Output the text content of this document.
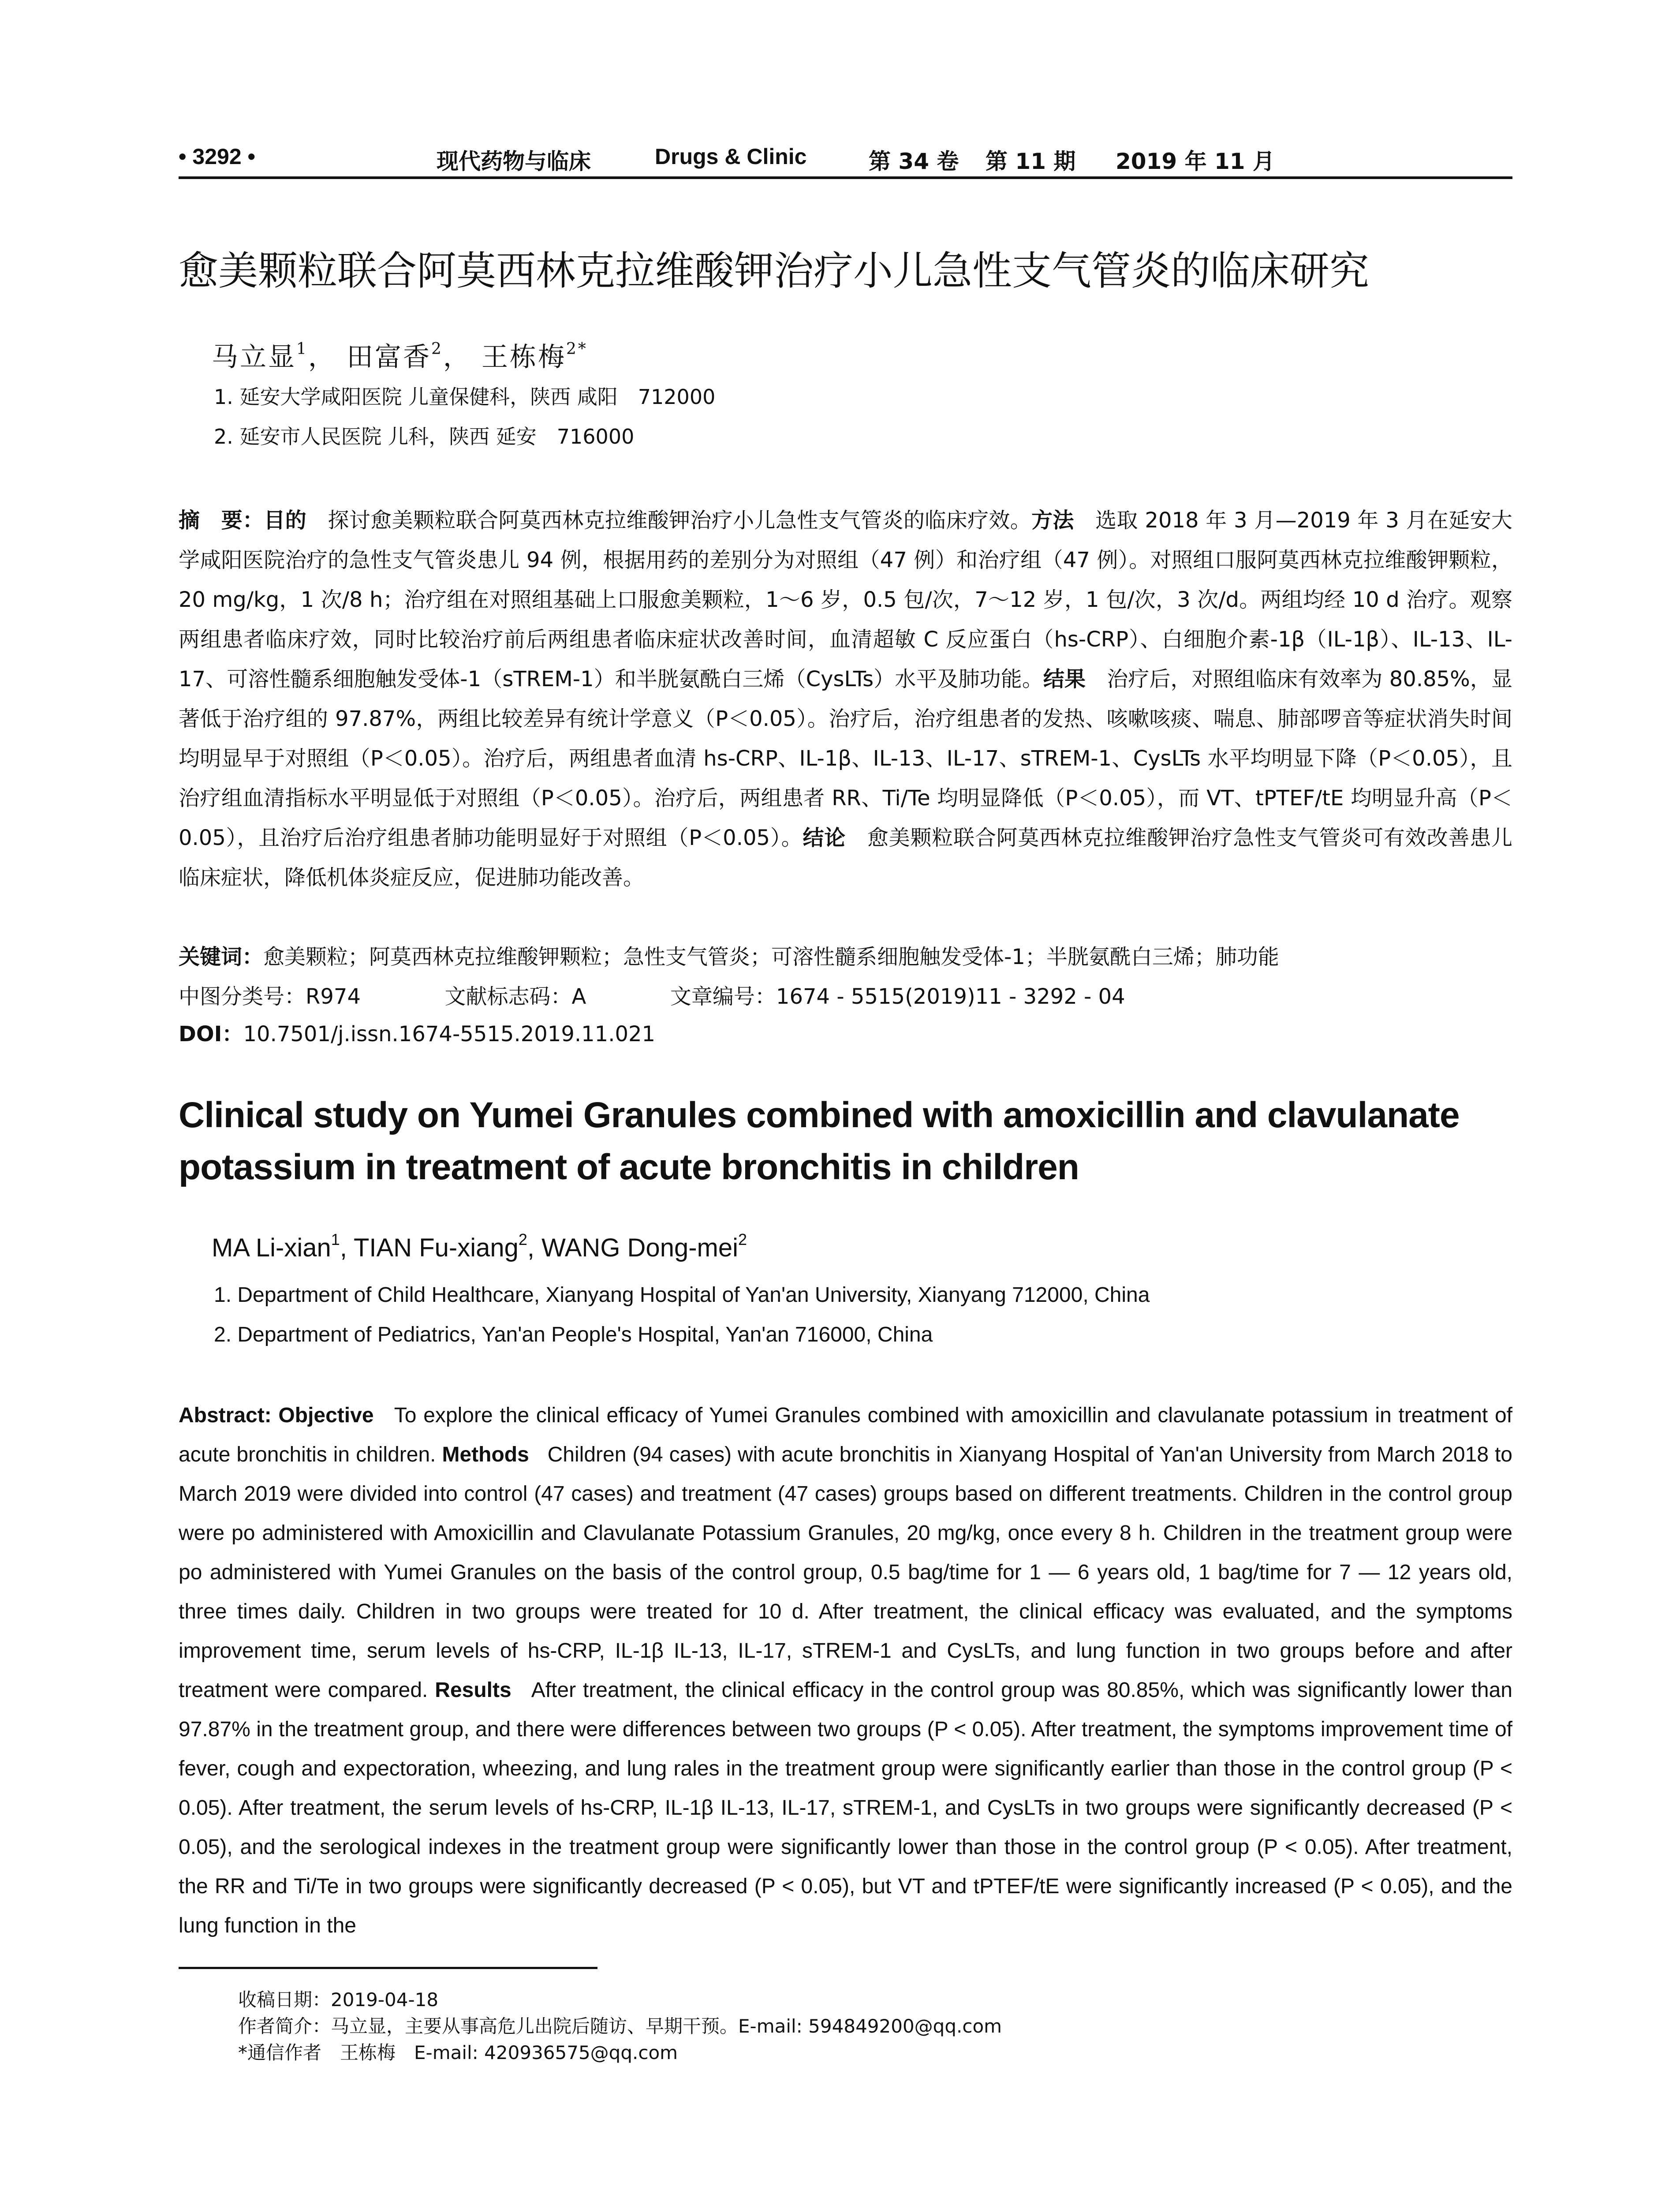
• 3292 •	现代药物与临床	Drugs & Clinic	第 34 卷 第 11 期 2019 年 11 月
愈美颗粒联合阿莫西林克拉维酸钾治疗小儿急性支气管炎的临床研究
马立显$^1$， 田富香$^2$， 王栋梅$^{2*}$
1. 延安大学咸阳医院 儿童保健科，陕西 咸阳　712000
2. 延安市人民医院 儿科，陕西 延安　716000
摘　要：目的　 探讨愈美颗粒联合阿莫西林克拉维酸钾治疗小儿急性支气管炎的临床疗效。方法　 选取 2018 年 3 月—2019 年 3 月在延安大学咸阳医院治疗的急性支气管炎患儿 94 例，根据用药的差别分为对照组（47 例）和治疗组（47 例）。对照组口服阿莫西林克拉维酸钾颗粒，20 mg/kg，1 次/8 h；治疗组在对照组基础上口服愈美颗粒，1～6 岁，0.5 包/次，7～12 岁，1 包/次，3 次/d。两组均经 10 d 治疗。观察两组患者临床疗效，同时比较治疗前后两组患者临床症状改善时间，血清超敏 C 反应蛋白（hs-CRP）、白细胞介素-1β（IL-1β）、IL-13、IL-17、可溶性髓系细胞触发受体-1（sTREM-1）和半胱氨酰白三烯（CysLTs）水平及肺功能。结果　 治疗后，对照组临床有效率为 80.85%，显著低于治疗组的 97.87%，两组比较差异有统计学意义（P＜0.05）。治疗后，治疗组患者的发热、咳嗽咳痰、喘息、肺部啰音等症状消失时间均明显早于对照组（P＜0.05）。治疗后，两组患者血清 hs-CRP、IL-1β、IL-13、IL-17、sTREM-1、CysLTs 水平均明显下降（P＜0.05），且治疗组血清指标水平明显低于对照组（P＜0.05）。治疗后，两组患者 RR、Ti/Te 均明显降低（P＜0.05），而 VT、tPTEF/tE 均明显升高（P＜0.05），且治疗后治疗组患者肺功能明显好于对照组（P＜0.05）。结论　 愈美颗粒联合阿莫西林克拉维酸钾治疗急性支气管炎可有效改善患儿临床症状，降低机体炎症反应，促进肺功能改善。
关键词：愈美颗粒；阿莫西林克拉维酸钾颗粒；急性支气管炎；可溶性髓系细胞触发受体-1；半胱氨酰白三烯；肺功能
中图分类号：R974	文献标志码：A	文章编号：1674 - 5515(2019)11 - 3292 - 04
DOI：10.7501/j.issn.1674-5515.2019.11.021
Clinical study on Yumei Granules combined with amoxicillin and clavulanate
potassium in treatment of acute bronchitis in children
MA Li-xian$^1$, TIAN Fu-xiang$^2$, WANG Dong-mei$^2$
1. Department of Child Healthcare, Xianyang Hospital of Yan'an University, Xianyang 712000, China
2. Department of Pediatrics, Yan'an People's Hospital, Yan'an 716000, China
Abstract: Objective To explore the clinical efficacy of Yumei Granules combined with amoxicillin and clavulanate potassium in treatment of acute bronchitis in children. Methods Children (94 cases) with acute bronchitis in Xianyang Hospital of Yan'an University from March 2018 to March 2019 were divided into control (47 cases) and treatment (47 cases) groups based on different treatments. Children in the control group were po administered with Amoxicillin and Clavulanate Potassium Granules, 20 mg/kg, once every 8 h. Children in the treatment group were po administered with Yumei Granules on the basis of the control group, 0.5 bag/time for 1 — 6 years old, 1 bag/time for 7 — 12 years old, three times daily. Children in two groups were treated for 10 d. After treatment, the clinical efficacy was evaluated, and the symptoms improvement time, serum levels of hs-CRP, IL-1β IL-13, IL-17, sTREM-1 and CysLTs, and lung function in two groups before and after treatment were compared. Results After treatment, the clinical efficacy in the control group was 80.85%, which was significantly lower than 97.87% in the treatment group, and there were differences between two groups (P < 0.05). After treatment, the symptoms improvement time of fever, cough and expectoration, wheezing, and lung rales in the treatment group were significantly earlier than those in the control group (P < 0.05). After treatment, the serum levels of hs-CRP, IL-1β IL-13, IL-17, sTREM-1, and CysLTs in two groups were significantly decreased (P < 0.05), and the serological indexes in the treatment group were significantly lower than those in the control group (P < 0.05). After treatment, the RR and Ti/Te in two groups were significantly decreased (P < 0.05), but VT and tPTEF/tE were significantly increased (P < 0.05), and the lung function in the
收稿日期：2019-04-18
作者简介：马立显，主要从事高危儿出院后随访、早期干预。E-mail: 594849200@qq.com
*通信作者　王栋梅　E-mail: 420936575@qq.com
